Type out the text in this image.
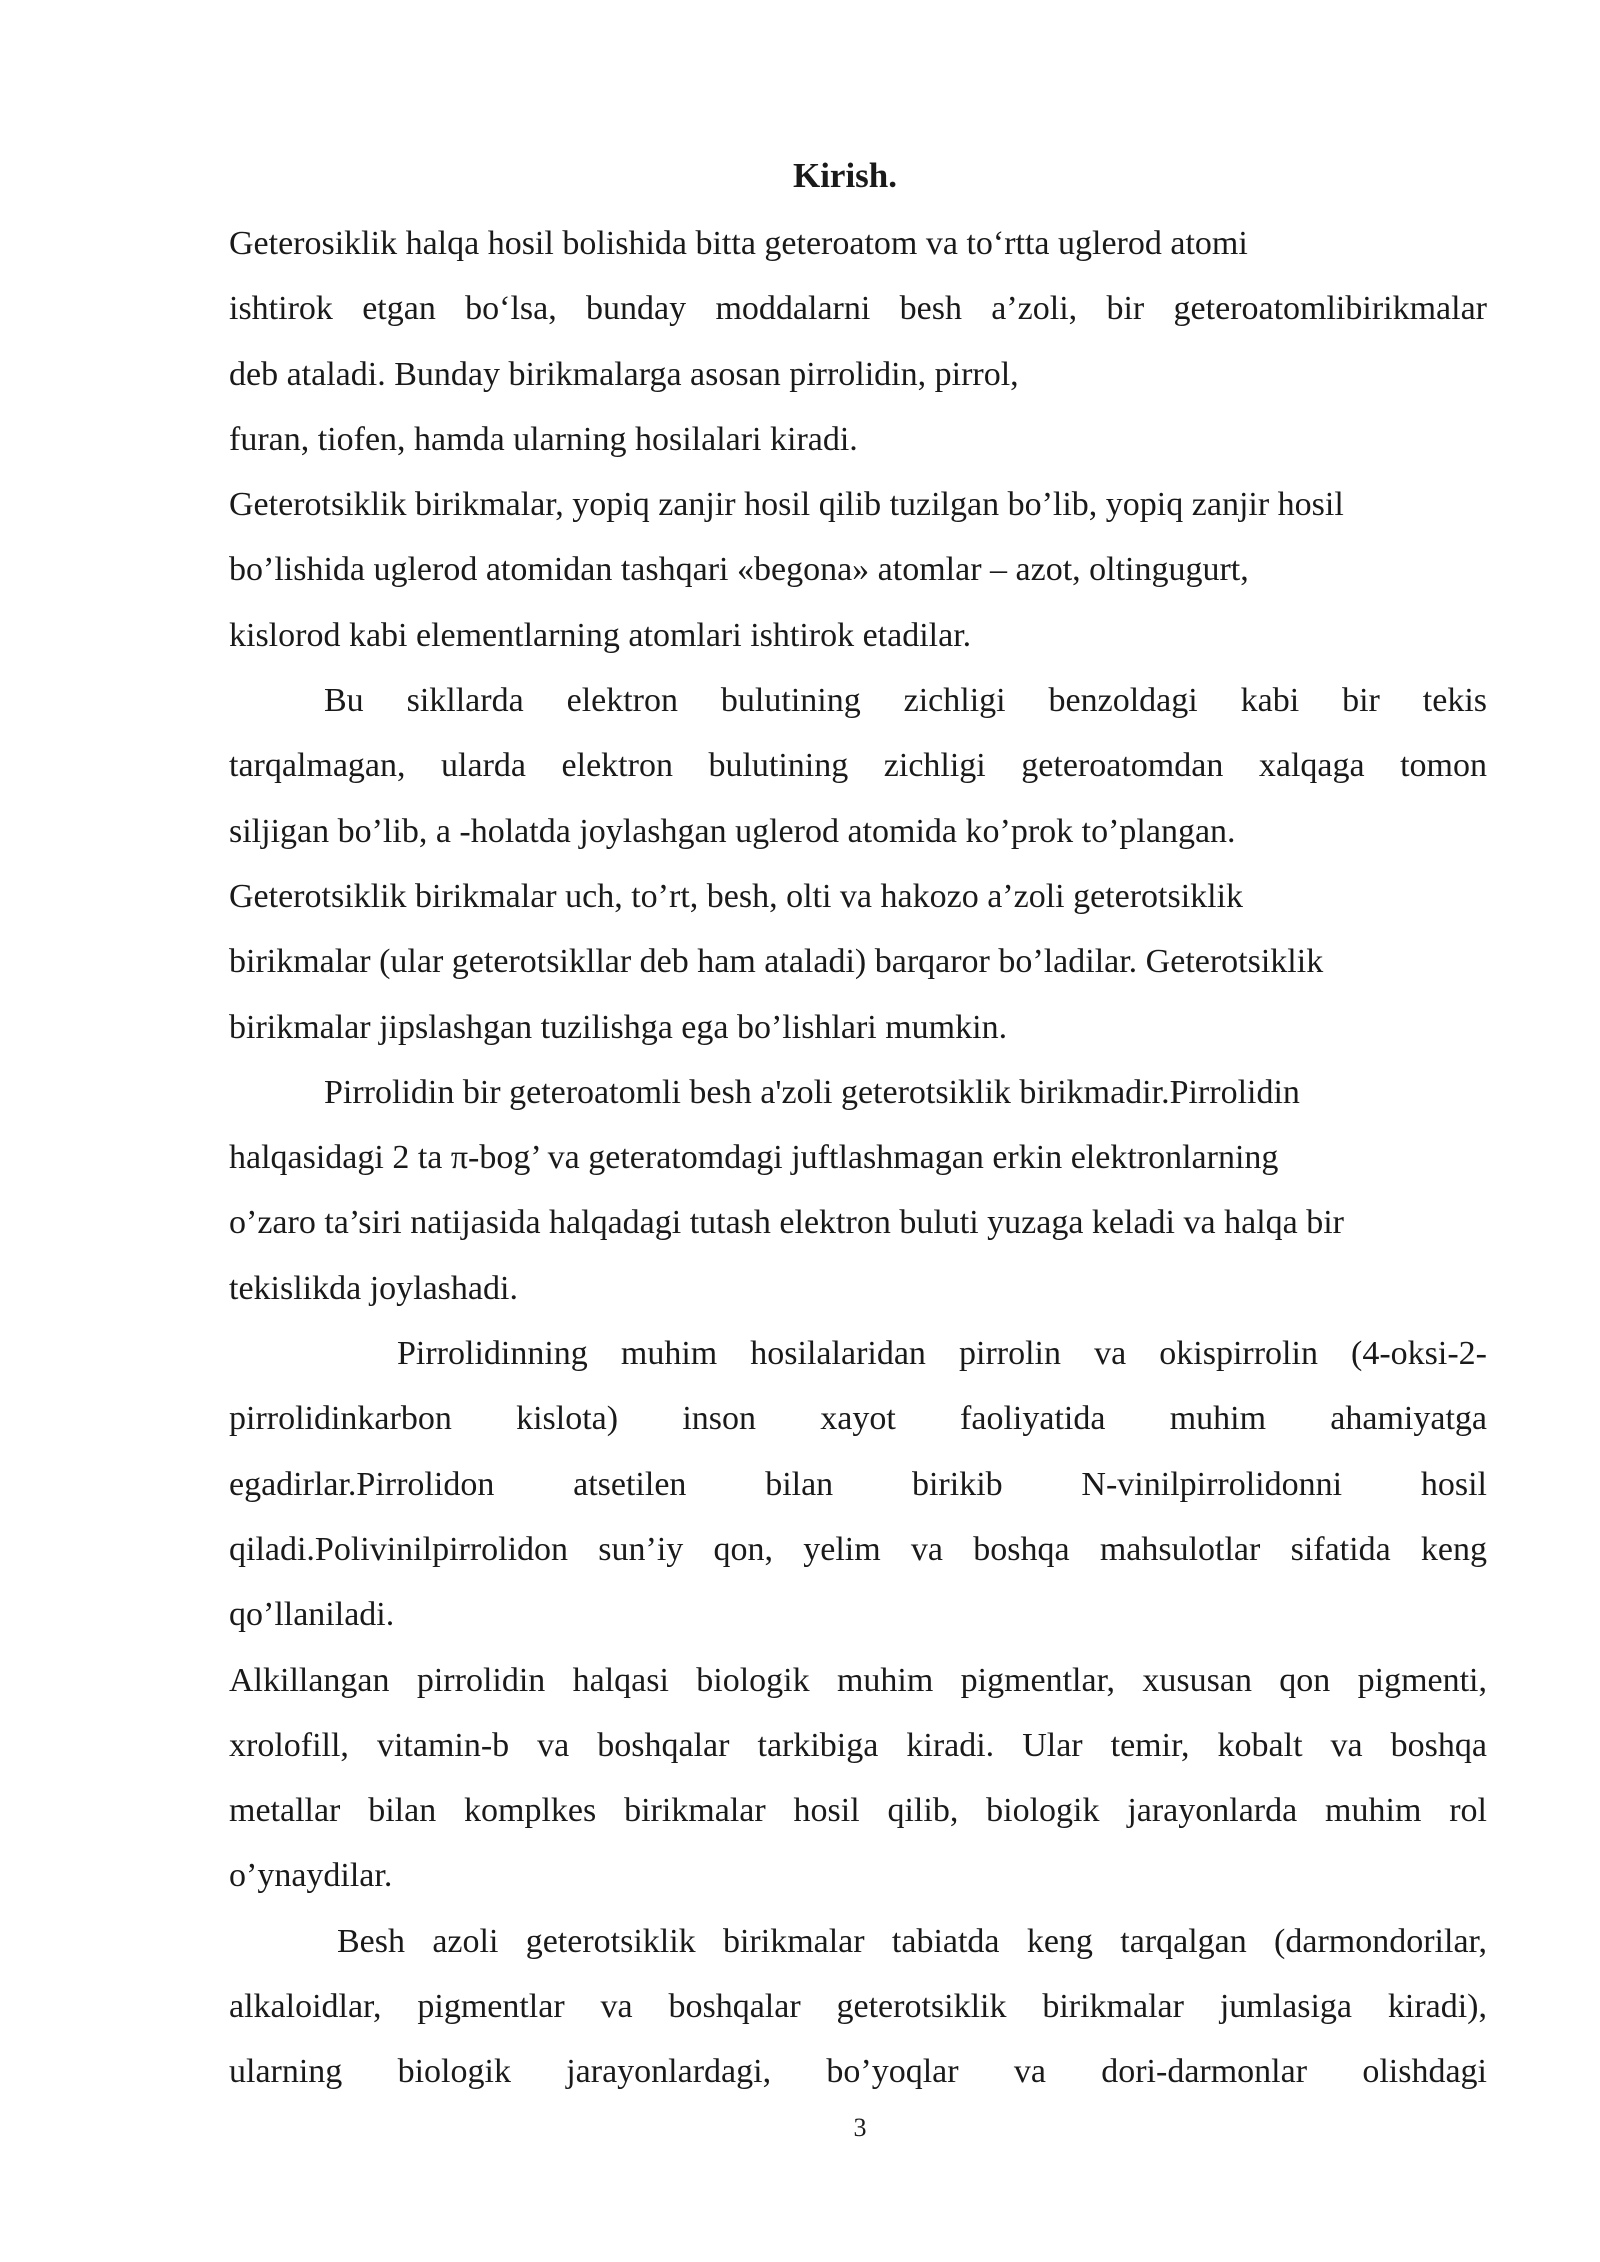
Kirish.
Geterosiklik halqa hosil bolishida bitta geteroatom va to‘rtta uglerod atomi
ishtirok etgan bo‘lsa, bunday moddalarni besh a’zoli, bir geteroatomlibirikmalar
deb ataladi. Bunday birikmalarga asosan pirrolidin, pirrol,
furan, tiofen, hamda ularning hosilalari kiradi.
Geterotsiklik birikmalar, yopiq zanjir hosil qilib tuzilgan bo’lib, yopiq zanjir hosil
bo’lishida uglerod atomidan tashqari «begona» atomlar – azot, oltingugurt,
kislorod kabi elementlarning atomlari ishtirok etadilar.
Bu sikllarda elektron bulutining zichligi benzoldagi kabi bir tekis
tarqalmagan, ularda elektron bulutining zichligi geteroatomdan xalqaga tomon
siljigan bo’lib, a -holatda joylashgan uglerod atomida ko’prok to’plangan.
Geterotsiklik birikmalar uch, to’rt, besh, olti va hakozo a’zoli geterotsiklik
birikmalar (ular geterotsikllar deb ham ataladi) barqaror bo’ladilar. Geterotsiklik
birikmalar jipslashgan tuzilishga ega bo’lishlari mumkin.
Pirrolidin bir geteroatomli besh a'zoli geterotsiklik birikmadir.Pirrolidin
halqasidagi 2 ta π-bog’ va geteratomdagi juftlashmagan erkin elektronlarning
o’zaro ta’siri natijasida halqadagi tutash elektron buluti yuzaga keladi va halqa bir
tekislikda joylashadi.
Pirrolidinning muhim hosilalaridan pirrolin va okispirrolin (4-oksi-2-
pirrolidinkarbon kislota) inson xayot faoliyatida muhim ahamiyatga
egadirlar.Pirrolidon atsetilen bilan birikib N-vinilpirrolidonni hosil
qiladi.Polivinilpirrolidon sun’iy qon, yelim va boshqa mahsulotlar sifatida keng
qo’llaniladi.
Alkillangan pirrolidin halqasi biologik muhim pigmentlar, xususan qon pigmenti,
xrolofill, vitamin-b va boshqalar tarkibiga kiradi. Ular temir, kobalt va boshqa
metallar bilan komplkes birikmalar hosil qilib, biologik jarayonlarda muhim rol
o’ynaydilar.
Besh azoli geterotsiklik birikmalar tabiatda keng tarqalgan (darmondorilar,
alkaloidlar, pigmentlar va boshqalar geterotsiklik birikmalar jumlasiga kiradi),
ularning biologik jarayonlardagi, bo’yoqlar va dori-darmonlar olishdagi
3
